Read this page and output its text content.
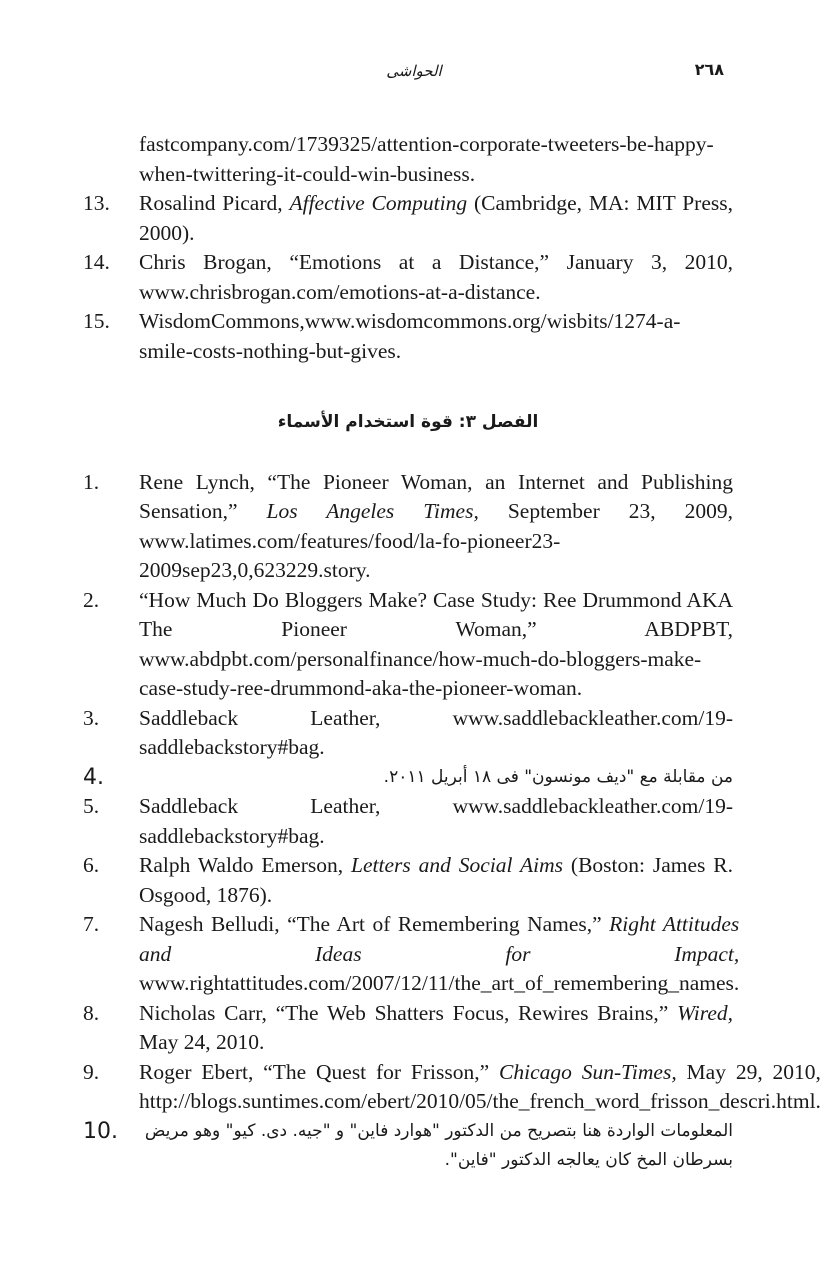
٢٦٨
الحواشى
fastcompany.com/1739325/attention-corporate-tweeters-be-happy-when-twittering-it-could-win-business.
13.	Rosalind Picard, Affective Computing (Cambridge, MA: MIT Press, 2000).
14.	Chris Brogan, “Emotions at a Distance,” January 3, 2010, www.chrisbrogan.com/emotions-at-a-distance.
15.	WisdomCommons,www.wisdomcommons.org/wisbits/1274-a-smile-costs-nothing-but-gives.
الفصل ٣: قوة استخدام الأسماء
1.	Rene Lynch, “The Pioneer Woman, an Internet and Publishing Sensation,” Los Angeles Times, September 23, 2009, www.latimes.com/features/food/la-fo-pioneer23-2009sep23,0,623229.story.
2.	“How Much Do Bloggers Make? Case Study: Ree Drummond AKA The Pioneer Woman,” ABDPBT, www.abdpbt.com/personalfinance/how-much-do-bloggers-make-case-study-ree-drummond-aka-the-pioneer-woman.
3.	Saddleback Leather, www.saddlebackleather.com/19-saddlebackstory#bag.
4.	من مقابلة مع "ديف مونسون" فى ١٨ أبريل ٢٠١١.
5.	Saddleback Leather, www.saddlebackleather.com/19-saddlebackstory#bag.
6.	Ralph Waldo Emerson, Letters and Social Aims (Boston: James R. Osgood, 1876).
7.	Nagesh Belludi, “The Art of Remembering Names,” Right Attitudes and Ideas for Impact, www.rightattitudes.com/2007/12/11/the_art_of_remembering_names.
8.	Nicholas Carr, “The Web Shatters Focus, Rewires Brains,” Wired, May 24, 2010.
9.	Roger Ebert, “The Quest for Frisson,” Chicago Sun-Times, May 29, 2010, http://blogs.suntimes.com/ebert/2010/05/the_french_word_frisson_descri.html.
10.	المعلومات الواردة هنا بتصريح من الدكتور "هوارد فاين" و "جيه. دى. كيو" وهو مريض بسرطان المخ كان يعالجه الدكتور "فاين".
